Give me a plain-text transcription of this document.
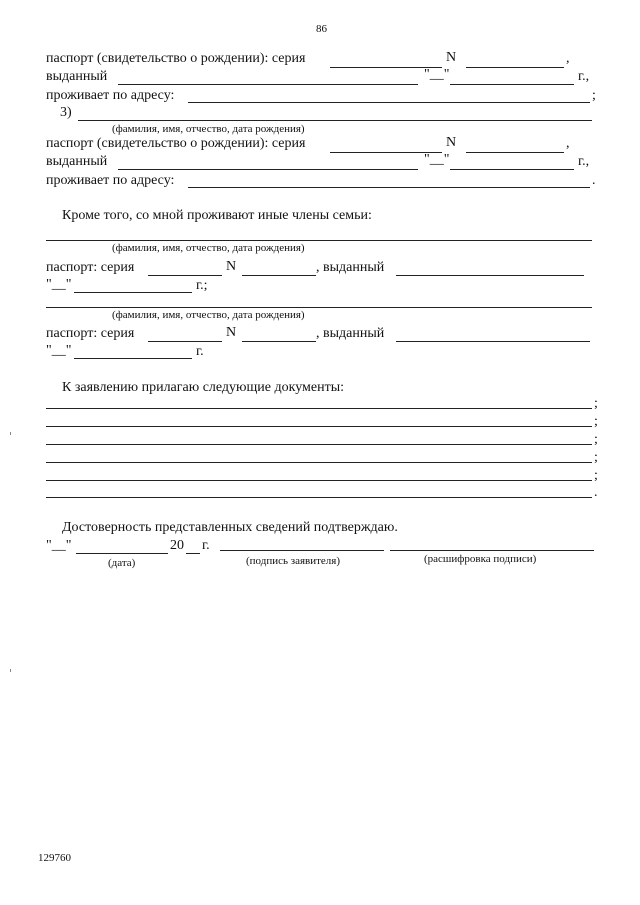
86
паспорт (свидетельство о рождении): серия	N	,
выданный	"__"	г.,
проживает по адресу:	;
3)
(фамилия, имя, отчество, дата рождения)
паспорт (свидетельство о рождении): серия	N	,
выданный	"__"	г.,
проживает по адресу:	.
Кроме того, со мной проживают иные члены семьи:
(фамилия, имя, отчество, дата рождения)
паспорт: серия	N	, выданный
"__"	г.;
(фамилия, имя, отчество, дата рождения)
паспорт: серия	N	, выданный
"__"	г.
К заявлению прилагаю следующие документы:
;
;
;
;
;
.
Достоверность представленных сведений подтверждаю.
"__"	20 г.
(дата)	(подпись заявителя)	(расшифровка подписи)
129760
